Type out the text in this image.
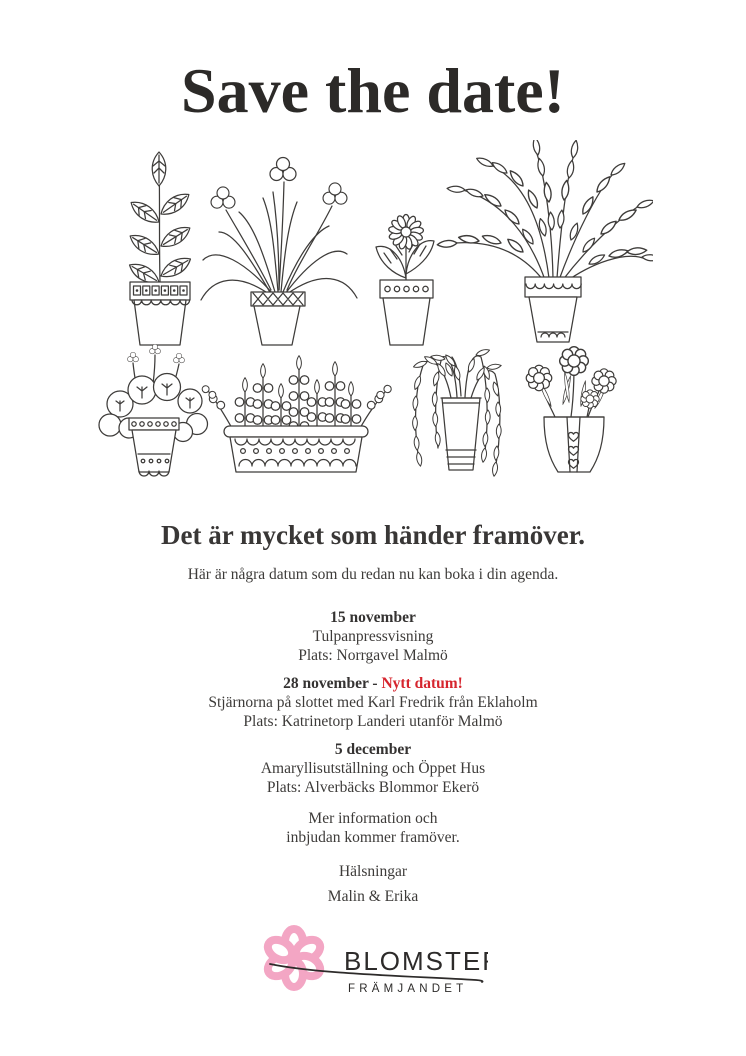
Save the date!
Det är mycket som händer framöver.

Här är några datum som du redan nu kan boka i din agenda.

15 november

Tulpanpressvisning

Plats: Norrgavel Malmö

28 november - Nytt datum!

Stjärnorna på slottet med Karl Fredrik från Eklaholm

Plats: Katrinetorp Landeri utanför Malmö

5 december

Amaryllisutställning och Öppet Hus

Plats: Alverbäcks Blommor Ekerö

Mer information och

inbjudan kommer framöver.

Hälsningar

Malin & Erika

BLOMSTER
FRÄMJANDET
